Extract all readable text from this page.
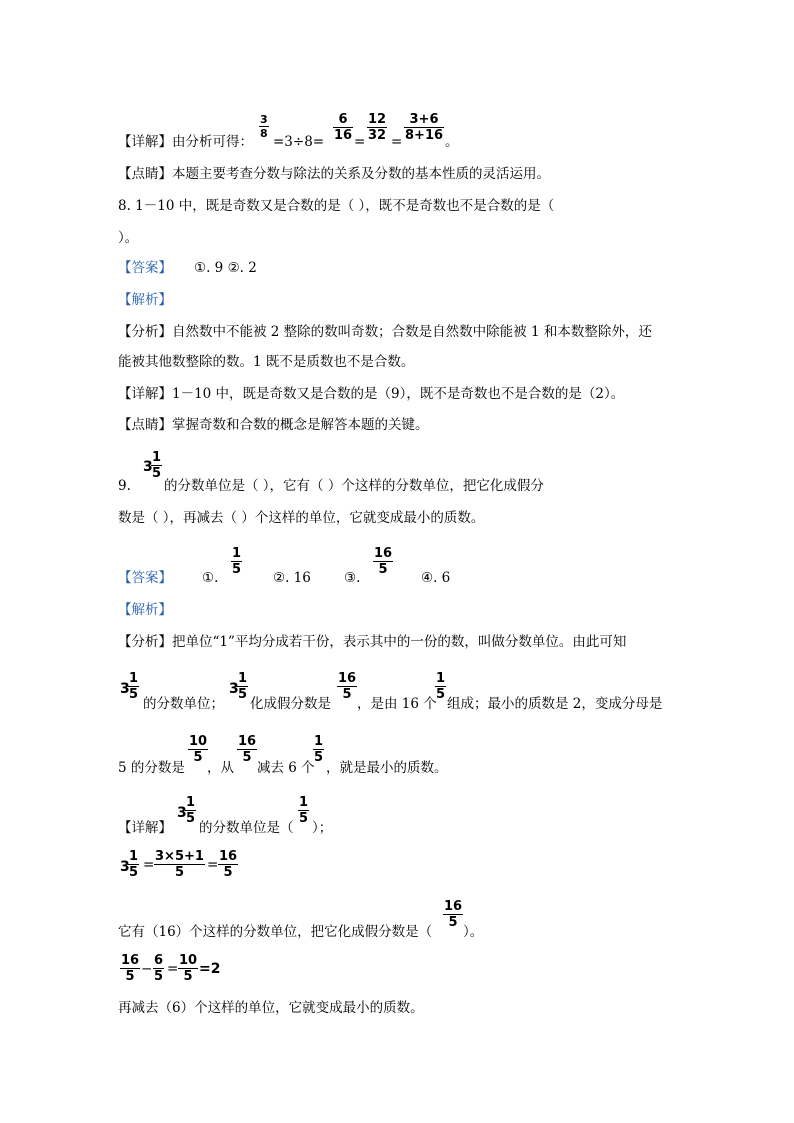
【详解】由分析可得：
3
8
=3÷8=
6
16 =
12
32 =
3+6
8+16 。
【点睛】本题主要考查分数与除法的关系及分数的基本性质的灵活运用。
8. 1－10 中，既是奇数又是合数的是（ ），既不是奇数也不是合数的是（
）。
【答案】 ①. 9 ②. 2
【解析】
【分析】自然数中不能被 2 整除的数叫奇数；合数是自然数中除能被 1 和本数整除外，还
能被其他数整除的数。1 既不是质数也不是合数。
【详解】1－10 中，既是奇数又是合数的是（9），既不是奇数也不是合数的是（2）。
【点睛】掌握奇数和合数的概念是解答本题的关键。
9.
3
1
5
的分数单位是（ ），它有（ ）个这样的分数单位，把它化成假分
数是（ ），再减去（ ）个这样的单位，它就变成最小的质数。
【答案】 ①.
1
5
②. 16 ③.
16
5
④. 6
【解析】
【分析】把单位“1”平均分成若干份，表示其中的一份的数，叫做分数单位。由此可知
3
1
5
的分数单位；
3
1
5
化成假分数是
16
5
，是由 16 个
1
5
组成；最小的质数是 2，变成分母是
5 的分数是
10
5
，从
16
5
减去 6 个
1
5
，就是最小的质数。
【详解】
3
1
5
的分数单位是（
1
5
）；
3
1
5 =
3×5+1
5	=
16
5
它有（16）个这样的分数单位，把它化成假分数是（
16
5
）。
16
5 −
6
5 =
10
5 =2
再减去（6）个这样的单位，它就变成最小的质数。
